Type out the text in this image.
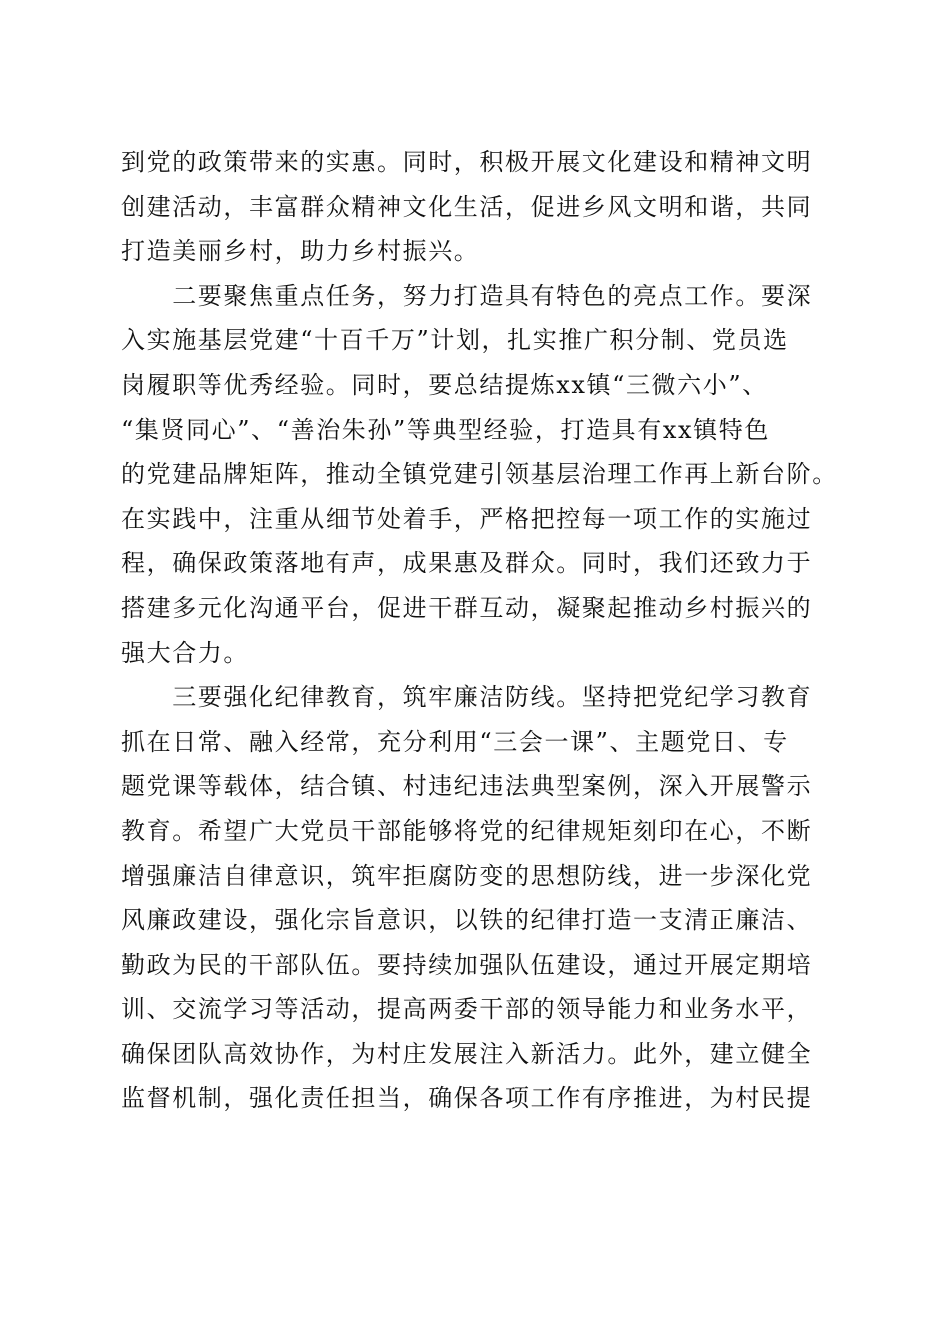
到党的政策带来的实惠。同时，积极开展文化建设和精神文明
创建活动，丰富群众精神文化生活，促进乡风文明和谐，共同
打造美丽乡村，助力乡村振兴。
　　二要聚焦重点任务，努力打造具有特色的亮点工作。要深
入实施基层党建“十百千万”计划，扎实推广积分制、党员选
岗履职等优秀经验。同时，要总结提炼xx镇“三微六小”、
“集贤同心”、“善治朱孙”等典型经验，打造具有xx镇特色
的党建品牌矩阵，推动全镇党建引领基层治理工作再上新台阶。
在实践中，注重从细节处着手，严格把控每一项工作的实施过
程，确保政策落地有声，成果惠及群众。同时，我们还致力于
搭建多元化沟通平台，促进干群互动，凝聚起推动乡村振兴的
强大合力。
　　三要强化纪律教育，筑牢廉洁防线。坚持把党纪学习教育
抓在日常、融入经常，充分利用“三会一课”、主题党日、专
题党课等载体，结合镇、村违纪违法典型案例，深入开展警示
教育。希望广大党员干部能够将党的纪律规矩刻印在心，不断
增强廉洁自律意识，筑牢拒腐防变的思想防线，进一步深化党
风廉政建设，强化宗旨意识，以铁的纪律打造一支清正廉洁、
勤政为民的干部队伍。要持续加强队伍建设，通过开展定期培
训、交流学习等活动，提高两委干部的领导能力和业务水平，
确保团队高效协作，为村庄发展注入新活力。此外，建立健全
监督机制，强化责任担当，确保各项工作有序推进，为村民提
